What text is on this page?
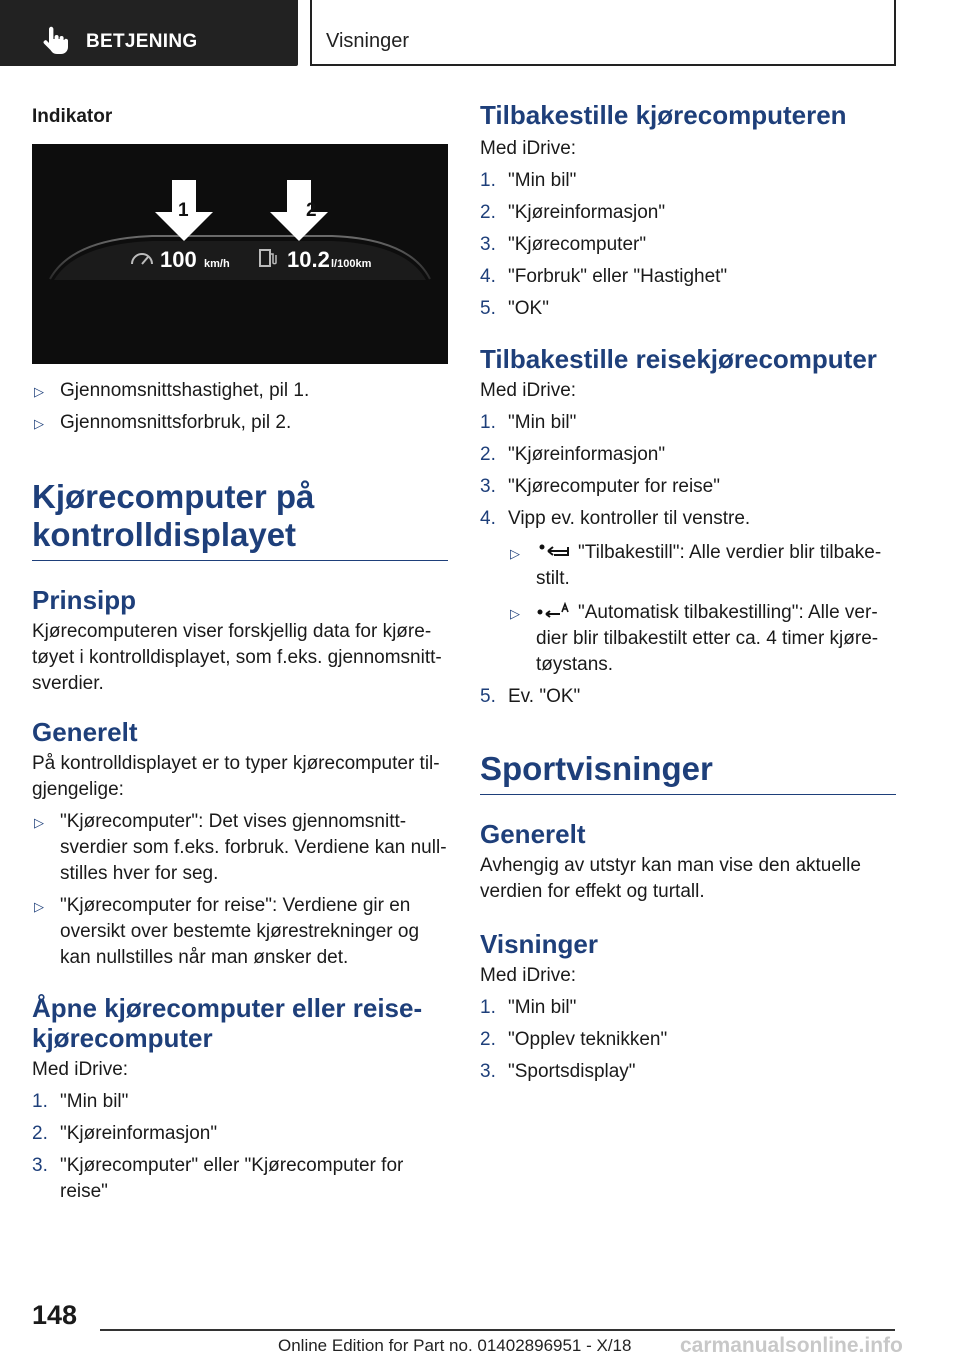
BETJENING	Visninger
Indikator
1	2
100 km/h	10.2 l/100km
▷ Gjennomsnittshastighet, pil 1.
▷ Gjennomsnittsforbruk, pil 2.
Kjørecomputer på kontrolldisplayet
Prinsipp

Kjørecomputeren viser forskjellig data for kjøretøyet i kontrolldisplayet, som f.eks. gjennomsnittsverdier.

Generelt

På kontrolldisplayet er to typer kjørecomputer tilgjengelige:

▷ "Kjørecomputer": Det vises gjennomsnittsverdier som f.eks. forbruk. Verdiene kan nullstilles hver for seg.
▷ "Kjørecomputer for reise": Verdiene gir en oversikt over bestemte kjørestrekninger og kan nullstilles når man ønsker det.
Åpne kjørecomputer eller reisekjørecomputer

Med iDrive:

1. "Min bil"
2. "Kjøreinformasjon"
3. "Kjørecomputer" eller "Kjørecomputer for reise"
Tilbakestille kjørecomputeren

Med iDrive:

1. "Min bil"
2. "Kjøreinformasjon"
3. "Kjørecomputer"
4. "Forbruk" eller "Hastighet"
5. "OK"
Tilbakestille reisekjørecomputer

Med iDrive:

1. "Min bil"
2. "Kjøreinformasjon"
3. "Kjørecomputer for reise"
4. Vipp ev. kontroller til venstre.
▷	"Tilbakestill": Alle verdier blir tilbakestilt.
▷	"Automatisk tilbakestilling": Alle verdier blir tilbakestilt etter ca. 4 timer kjøretøystans.
5. Ev. "OK"
Sportvisninger
Generelt

Avhengig av utstyr kan man vise den aktuelle verdien for effekt og turtall.

Visninger

Med iDrive:

1. "Min bil"
2. "Opplev teknikken"
3. "Sportsdisplay"
148
Online Edition for Part no. 01402896951 - X/18 carmanualsonline.info
